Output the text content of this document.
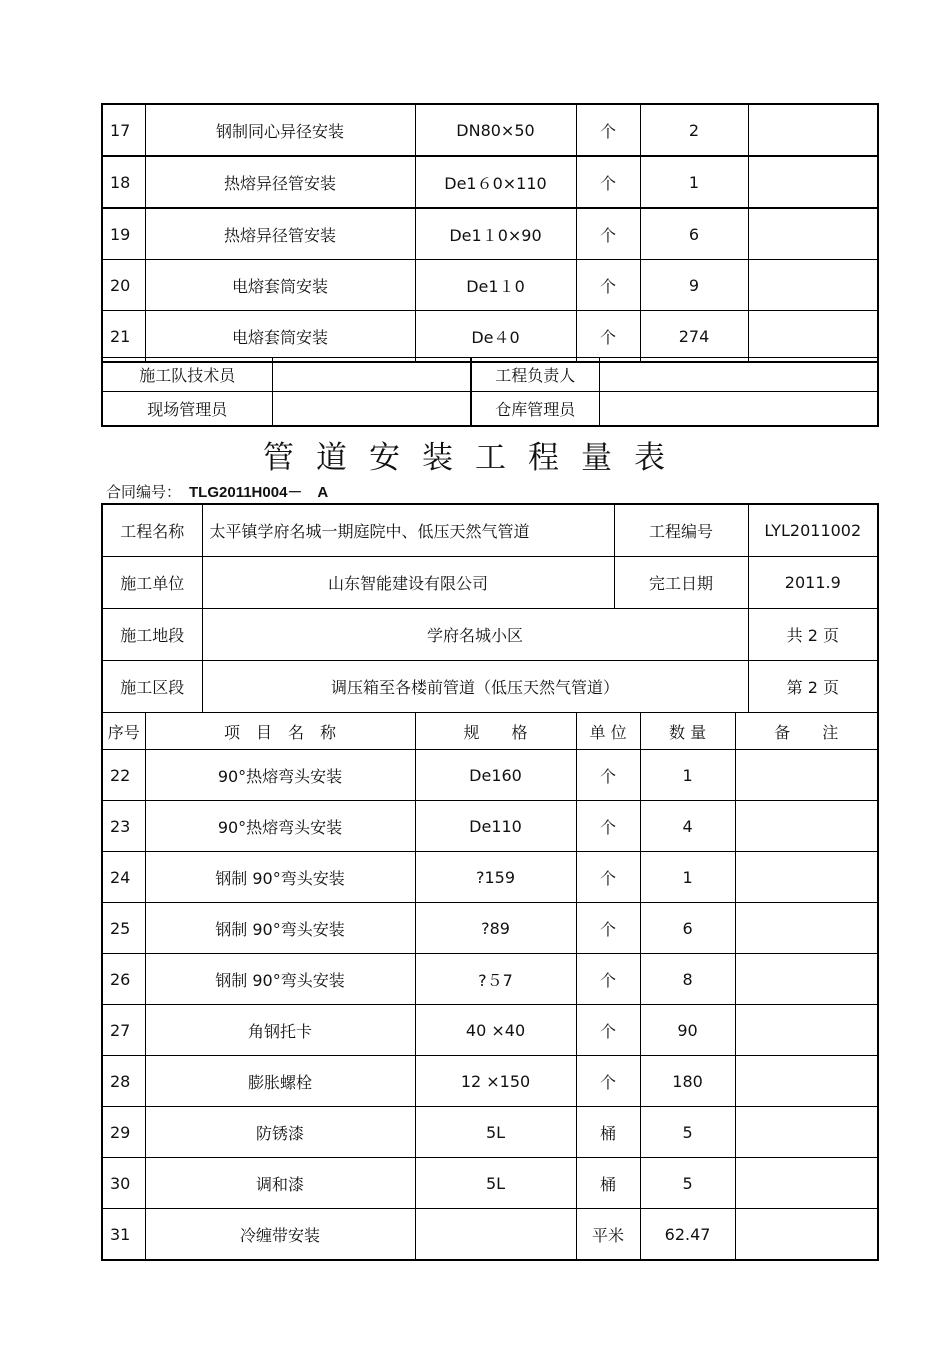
17	钢制同心异径安装	DN80×50	个	2	
18	热熔异径管安装	De1６0×110	个	1	
19	热熔异径管安装	De1１0×90	个	6	
20	电熔套筒安装	De1１0	个	9	
21	电熔套筒安装	De４0	个	274	
施工队技术员		工程负责人	
现场管理员		仓库管理员	
管道安装工程量表
合同编号： TLG2011H004－　A
工程名称		太平镇学府名城一期庭院中、低压天然气管道			工程编号			LYL2011002
施工单位		山东智能建设有限公司			完工日期			2011.9
施工地段		学府名城小区						共 2 页
施工区段		调压箱至各楼前管道（低压天然气管道）						第 2 页
序号	项　目　名　称		规　　格	单 位		数 量	备　　注	
22	90°热熔弯头安装		De160	个		1		
23	90°热熔弯头安装		De110	个		4		
24	钢制 90°弯头安装		?159	个		1		
25	钢制 90°弯头安装		?89	个		6		
26	钢制 90°弯头安装		?５7	个		8		
27	角钢托卡		40 ×40	个		90		
28	膨胀螺栓		12 ×150	个		180		
29	防锈漆		5L	桶		5		
30	调和漆		5L	桶		5		
31	冷缠带安装			平米		62.47		
